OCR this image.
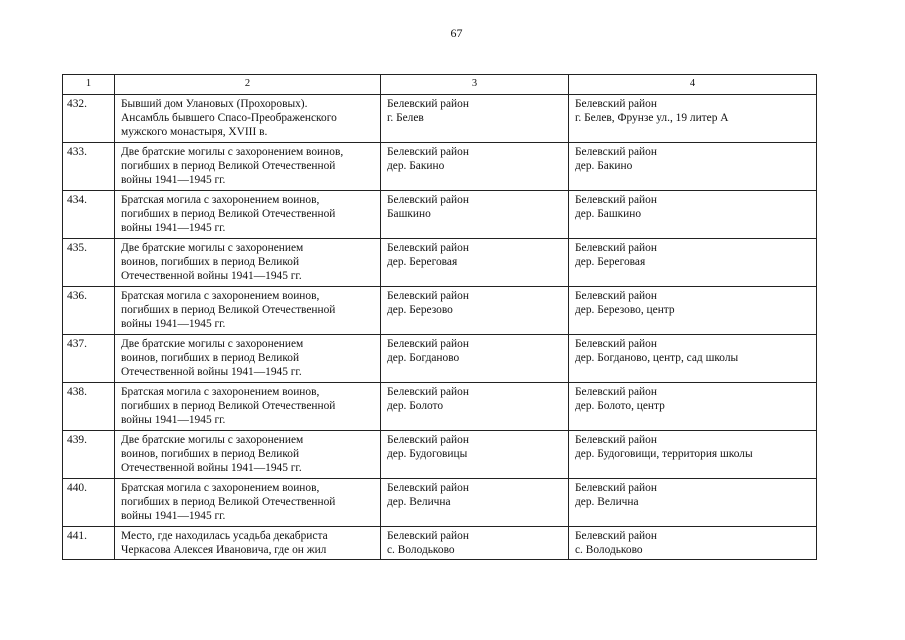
67
1	2	3	4
432.	Бывший дом Улановых (Прохоровых).
Ансамбль бывшего Спасо-Преображенского
мужского монастыря, XVIII в.	Белевский район
г. Белев	Белевский район
г. Белев, Фрунзе ул., 19 литер А

433.	Две братские могилы с захоронением воинов,
погибших в период Великой Отечественной
войны 1941—1945 гг.	Белевский район
дер. Бакино	Белевский район
дер. Бакино

434.	Братская могила с захоронением воинов,
погибших в период Великой Отечественной
войны 1941—1945 гг.	Белевский район
Башкино	Белевский район
дер. Башкино

435.	Две братские могилы с захоронением
воинов, погибших в период Великой
Отечественной войны 1941—1945 гг.	Белевский район
дер. Береговая	Белевский район
дер. Береговая

436.	Братская могила с захоронением воинов,
погибших в период Великой Отечественной
войны 1941—1945 гг.	Белевский район
дер. Березово	Белевский район
дер. Березово, центр

437.	Две братские могилы с захоронением
воинов, погибших в период Великой
Отечественной войны 1941—1945 гг.	Белевский район
дер. Богданово	Белевский район
дер. Богданово, центр, сад школы

438.	Братская могила с захоронением воинов,
погибших в период Великой Отечественной
войны 1941—1945 гг.	Белевский район
дер. Болото	Белевский район
дер. Болото, центр

439.	Две братские могилы с захоронением
воинов, погибших в период Великой
Отечественной войны 1941—1945 гг.	Белевский район
дер. Будоговицы	Белевский район
дер. Будоговищи, территория школы

440.	Братская могила с захоронением воинов,
погибших в период Великой Отечественной
войны 1941—1945 гг.	Белевский район
дер. Велична	Белевский район
дер. Велична

441.	Место, где находилась усадьба декабриста
Черкасова Алексея Ивановича, где он жил	Белевский район
с. Володьково	Белевский район
с. Володьково
